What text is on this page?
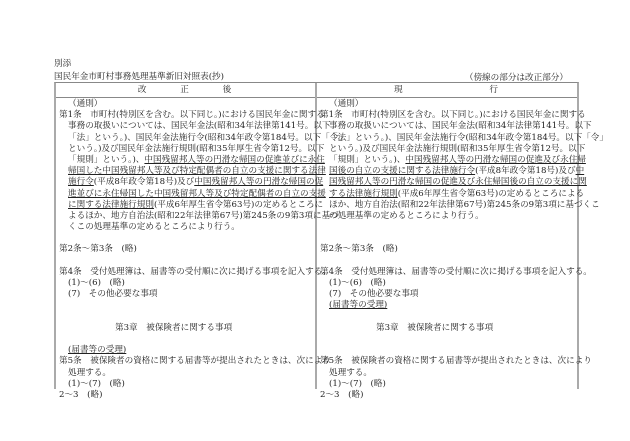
別添
国民年金市町村事務処理基準新旧対照表(抄)	（傍線の部分は改正部分）
改　　　正　　　後	現　　　　　　　　行
（通則）
第1条　市町村(特別区を含む。以下同じ。)における国民年金に関する
事務の取扱いについては、国民年金法(昭和34年法律第141号。以下
「法」という。)、国民年金法施行令(昭和34年政令第184号。以下「令」
という。)及び国民年金法施行規則(昭和35年厚生省令第12号。以下
「規則」という。)、中国残留邦人等の円滑な帰国の促進並びに永住
帰国した中国残留邦人等及び特定配偶者の自立の支援に関する法律
施行令(平成8年政令第18号)及び中国残留邦人等の円滑な帰国の促
進並びに永住帰国した中国残留邦人等及び特定配偶者の自立の支援
に関する法律施行規則(平成6年厚生省令第63号)の定めるところに
よるほか、地方自治法(昭和22年法律第67号)第245条の9第3項に基づ
くこの処理基準の定めるところにより行う。
第2条～第3条　(略)
第4条　受付処理簿は、届書等の受付順に次に掲げる事項を記入する。
(1)～(6)　(略)
(7)　その他必要な事項
第3章　被保険者に関する事項
(届書等の受理)
第5条　被保険者の資格に関する届書等が提出されたときは、次により
処理する。
(1)～(7)　(略)
2～3　(略)
（通則）
第1条　市町村(特別区を含む。以下同じ。)における国民年金に関する
事務の取扱いについては、国民年金法(昭和34年法律第141号。以下
「法」という。)、国民年金法施行令(昭和34年政令第184号。以下「令」
という。)及び国民年金法施行規則(昭和35年厚生省令第12号。以下
「規則」という。)、中国残留邦人等の円滑な帰国の促進及び永住帰
国後の自立の支援に関する法律施行令(平成8年政令第18号)及び中
国残留邦人等の円滑な帰国の促進及び永住帰国後の自立の支援に関
する法律施行規則(平成6年厚生省令第63号)の定めるところによる
ほか、地方自治法(昭和22年法律第67号)第245条の9第3項に基づくこ
の処理基準の定めるところにより行う。
第2条～第3条　(略)
第4条　受付処理簿は、届書等の受付順に次に掲げる事項を記入する。
(1)～(6)　(略)
(7)　その他必要な事項
(届書等の受理)
第3章　被保険者に関する事項
第5条　被保険者の資格に関する届書等が提出されたときは、次により
処理する。
(1)～(7)　(略)
2～3　(略)
